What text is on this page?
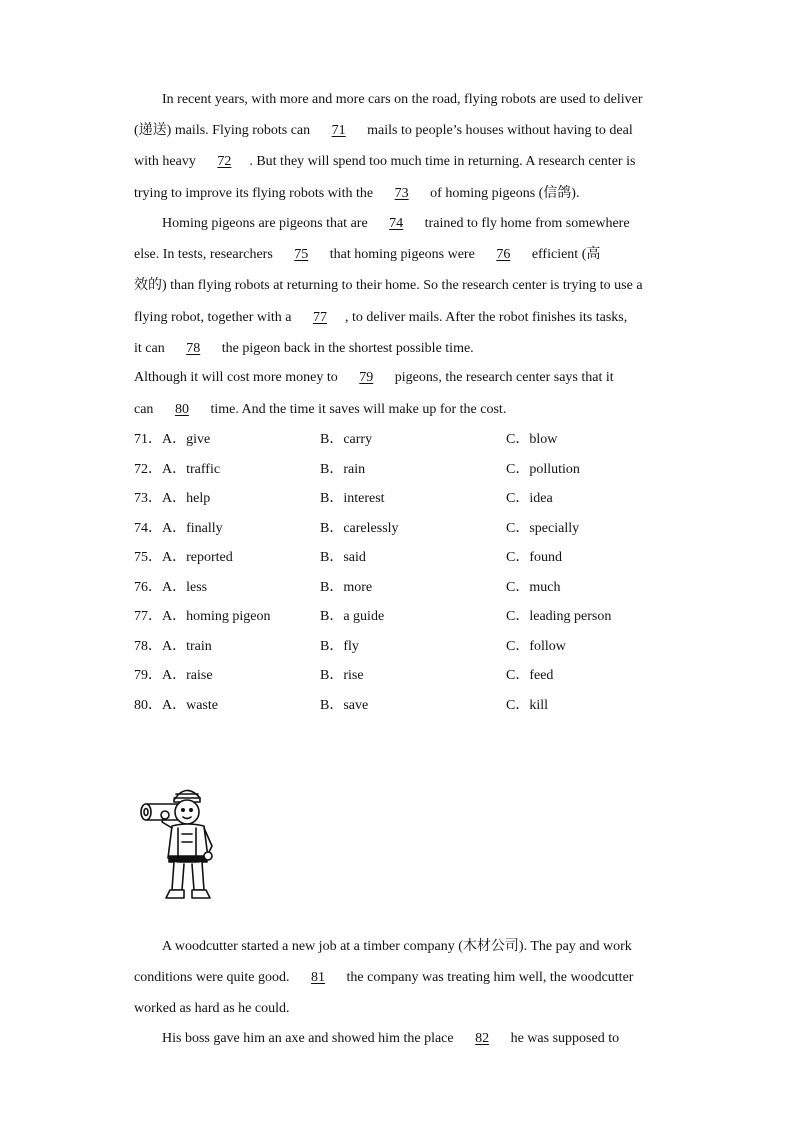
In recent years, with more and more cars on the road, flying robots are used to deliver
(递送) mails. Flying robots can 71 mails to people’s houses without having to deal
with heavy 72 . But they will spend too much time in returning. A research center is
trying to improve its flying robots with the 73 of homing pigeons (信鸽).
Homing pigeons are pigeons that are 74 trained to fly home from somewhere
else. In tests, researchers 75 that homing pigeons were 76 efficient (高
效的) than flying robots at returning to their home. So the research center is trying to use a
flying robot, together with a 77 , to deliver mails. After the robot finishes its tasks,
it can 78 the pigeon back in the shortest possible time.
Although it will cost more money to 79 pigeons, the research center says that it
can 80 time. And the time it saves will make up for the cost.
71． A．give	B．carry	C．blow
72． A．traffic	B．rain	C．pollution
73． A．help	B．interest	C．idea
74． A．finally	B．carelessly	C．specially
75． A．reported	B．said	C．found
76． A．less	B．more	C．much
77． A．homing pigeon	B．a guide	C．leading person
78． A．train	B．fly	C．follow
79． A．raise	B．rise	C．feed
80． A．waste	B．save	C．kill
A woodcutter started a new job at a timber company (木材公司). The pay and work
conditions were quite good. 81 the company was treating him well, the woodcutter
worked as hard as he could.
His boss gave him an axe and showed him the place 82 he was supposed to
